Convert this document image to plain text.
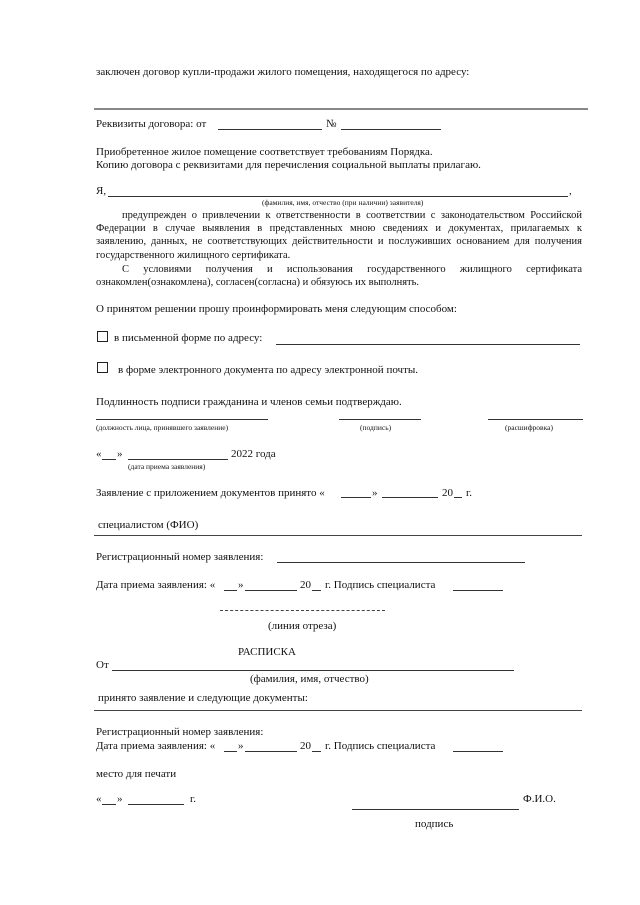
заключен договор купли-продажи жилого помещения, находящегося по адресу:
Реквизиты договора: от	№
Приобретенное жилое помещение соответствует требованиям Порядка.
Копию договора с реквизитами для перечисления социальной выплаты прилагаю.
Я,	,
(фамилия, имя, отчество (при наличии) заявителя)
предупрежден о привлечении к ответственности в соответствии с законодательством Российской Федерации в случае выявления в представленных мною сведениях и документах, прилагаемых к заявлению, данных, не соответствующих действительности и послуживших основанием для получения государственного жилищного сертификата.
С условиями получения и использования государственного жилищного сертификата ознакомлен(ознакомлена), согласен(согласна) и обязуюсь их выполнять.
О принятом решении прошу проинформировать меня следующим способом:
в письменной форме по адресу:
в форме электронного документа по адресу электронной почты.
Подлинность подписи гражданина и членов семьи подтверждаю.
(должность лица, принявшего заявление)	(подпись)	(расшифровка)
« »	2022 года
(дата приема заявления)
Заявление с приложением документов принято «	»	20 г.
специалистом (ФИО)
Регистрационный номер заявления:
Дата приема заявления: « »	20 г. Подпись специалиста
(линия отреза)
РАСПИСКА
От
(фамилия, имя, отчество)
принято заявление и следующие документы:
Регистрационный номер заявления:
Дата приема заявления: « »	20 г. Подпись специалиста
место для печати
« »	г.	Ф.И.О.
подпись
